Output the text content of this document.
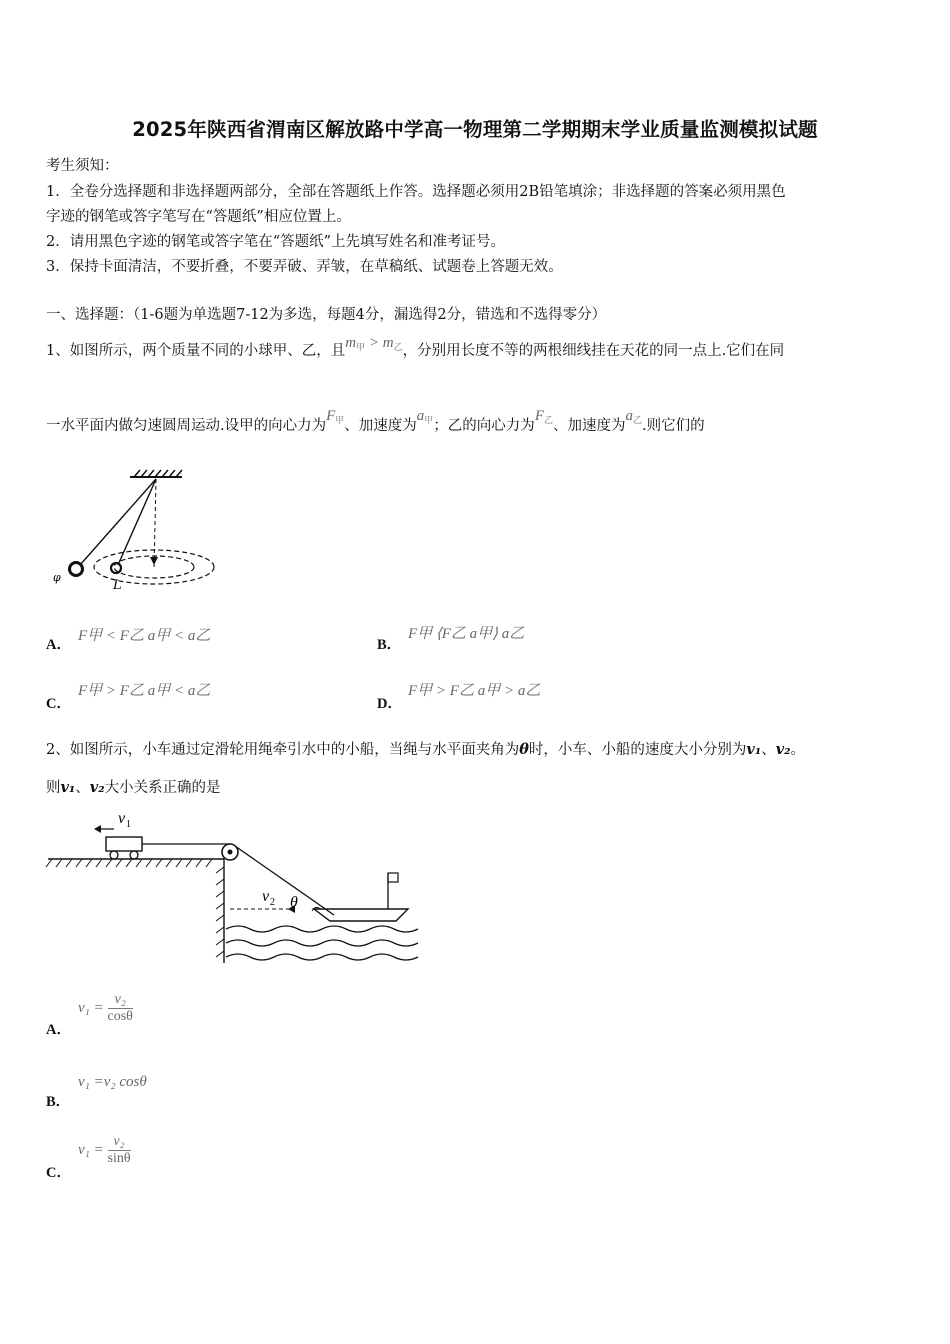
2025年陕西省渭南区解放路中学高一物理第二学期期末学业质量监测模拟试题
考生须知：
1．全卷分选择题和非选择题两部分，全部在答题纸上作答。选择题必须用2B铅笔填涂；非选择题的答案必须用黑色
字迹的钢笔或答字笔写在“答题纸”相应位置上。
2．请用黑色字迹的钢笔或答字笔在“答题纸”上先填写姓名和准考证号。
3．保持卡面清洁，不要折叠，不要弄破、弄皱，在草稿纸、试题卷上答题无效。
一、选择题：（1-6题为单选题7-12为多选，每题4分，漏选得2分，错选和不选得零分）
1、如图所示，两个质量不同的小球甲、乙，且$m_甲 > m_乙$，分别用长度不等的两根细线挂在天花的同一点上.它们在同
一水平面内做匀速圆周运动.设甲的向心力为$F_甲$、加速度为$a_甲$；乙的向心力为$F_乙$、加速度为$a_乙$.则它们的
φ
L
A．
F甲 < F乙 a甲 < a乙
B．
F甲 ⟨F乙 a甲⟩ a乙
C．
F甲 > F乙 a甲 < a乙
D．
F甲 > F乙 a甲 > a乙
2、如图所示，小车通过定滑轮用绳牵引水中的小船，当绳与水平面夹角为θ时，小车、小船的速度大小分别为v₁、v₂。
则v₁、v₂大小关系正确的是
v 1
v 2 θ
A．
$v_1 = \frac{\text{v₂}}{\cos\theta}$
B．
v₁ =v₂ cosθ
C．
$v_1 = \frac{\text{v₂}}{\sin\theta}$
